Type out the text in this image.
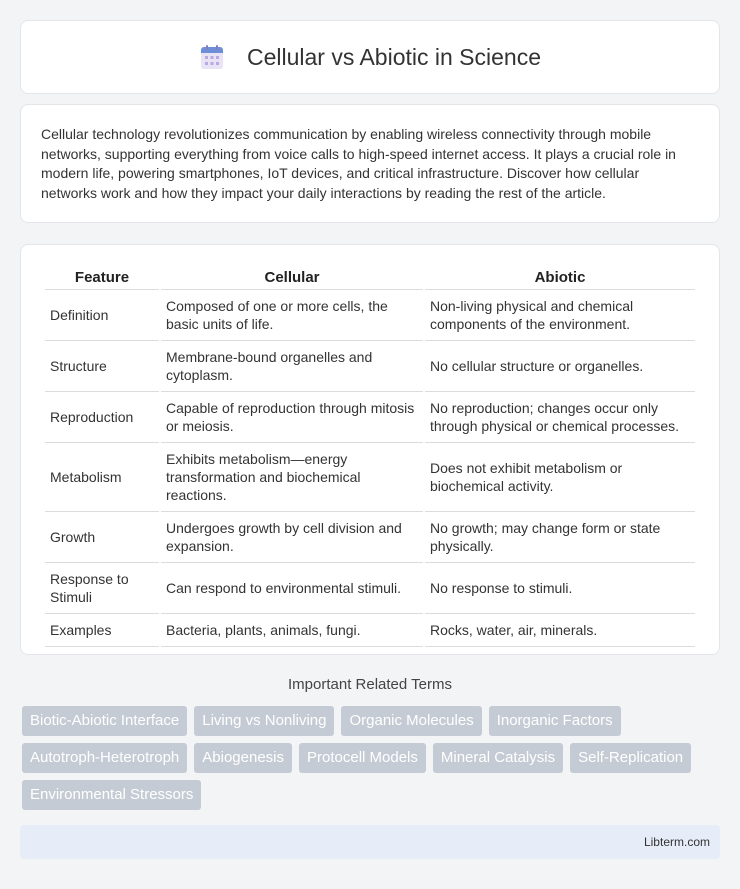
Cellular vs Abiotic in Science

Cellular technology revolutionizes communication by enabling wireless connectivity through mobile networks, supporting everything from voice calls to high-speed internet access. It plays a crucial role in modern life, powering smartphones, IoT devices, and critical infrastructure. Discover how cellular networks work and how they impact your daily interactions by reading the rest of the article.

Feature	Cellular	Abiotic
Definition	Composed of one or more cells, the basic units of life.	Non-living physical and chemical components of the environment.
Structure	Membrane-bound organelles and cytoplasm.	No cellular structure or organelles.
Reproduction	Capable of reproduction through mitosis or meiosis.	No reproduction; changes occur only through physical or chemical processes.
Metabolism	Exhibits metabolism—energy transformation and biochemical reactions.	Does not exhibit metabolism or biochemical activity.
Growth	Undergoes growth by cell division and expansion.	No growth; may change form or state physically.
Response to Stimuli	Can respond to environmental stimuli.	No response to stimuli.
Examples	Bacteria, plants, animals, fungi.	Rocks, water, air, minerals.
Important Related Terms
Biotic-Abiotic Interface	Living vs Nonliving	Organic Molecules	Inorganic Factors
Autotroph-Heterotroph	Abiogenesis	Protocell Models	Mineral Catalysis	Self-Replication
Environmental Stressors
Libterm.com
